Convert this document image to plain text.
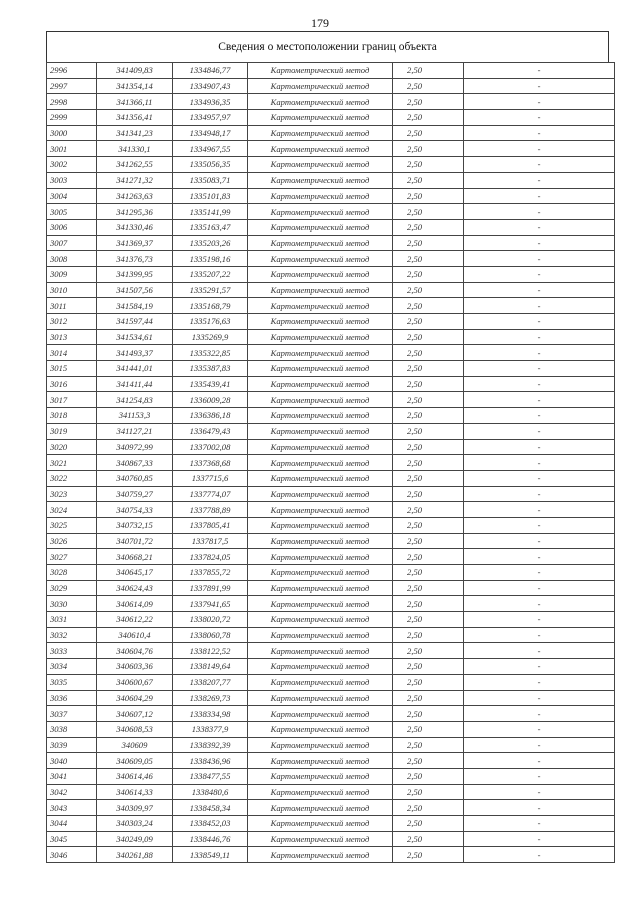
179
Сведения о местоположении границ объекта
2996	341409,83	1334846,77	Картометрический метод	2,50	-
2997	341354,14	1334907,43	Картометрический метод	2,50	-
2998	341366,11	1334936,35	Картометрический метод	2,50	-
2999	341356,41	1334957,97	Картометрический метод	2,50	-
3000	341341,23	1334948,17	Картометрический метод	2,50	-
3001	341330,1	1334967,55	Картометрический метод	2,50	-
3002	341262,55	1335056,35	Картометрический метод	2,50	-
3003	341271,32	1335083,71	Картометрический метод	2,50	-
3004	341263,63	1335101,83	Картометрический метод	2,50	-
3005	341295,36	1335141,99	Картометрический метод	2,50	-
3006	341330,46	1335163,47	Картометрический метод	2,50	-
3007	341369,37	1335203,26	Картометрический метод	2,50	-
3008	341376,73	1335198,16	Картометрический метод	2,50	-
3009	341399,95	1335207,22	Картометрический метод	2,50	-
3010	341507,56	1335291,57	Картометрический метод	2,50	-
3011	341584,19	1335168,79	Картометрический метод	2,50	-
3012	341597,44	1335176,63	Картометрический метод	2,50	-
3013	341534,61	1335269,9	Картометрический метод	2,50	-
3014	341493,37	1335322,85	Картометрический метод	2,50	-
3015	341441,01	1335387,83	Картометрический метод	2,50	-
3016	341411,44	1335439,41	Картометрический метод	2,50	-
3017	341254,83	1336009,28	Картометрический метод	2,50	-
3018	341153,3	1336386,18	Картометрический метод	2,50	-
3019	341127,21	1336479,43	Картометрический метод	2,50	-
3020	340972,99	1337002,08	Картометрический метод	2,50	-
3021	340867,33	1337368,68	Картометрический метод	2,50	-
3022	340760,85	1337715,6	Картометрический метод	2,50	-
3023	340759,27	1337774,07	Картометрический метод	2,50	-
3024	340754,33	1337788,89	Картометрический метод	2,50	-
3025	340732,15	1337805,41	Картометрический метод	2,50	-
3026	340701,72	1337817,5	Картометрический метод	2,50	-
3027	340668,21	1337824,05	Картометрический метод	2,50	-
3028	340645,17	1337855,72	Картометрический метод	2,50	-
3029	340624,43	1337891,99	Картометрический метод	2,50	-
3030	340614,09	1337941,65	Картометрический метод	2,50	-
3031	340612,22	1338020,72	Картометрический метод	2,50	-
3032	340610,4	1338060,78	Картометрический метод	2,50	-
3033	340604,76	1338122,52	Картометрический метод	2,50	-
3034	340603,36	1338149,64	Картометрический метод	2,50	-
3035	340600,67	1338207,77	Картометрический метод	2,50	-
3036	340604,29	1338269,73	Картометрический метод	2,50	-
3037	340607,12	1338334,98	Картометрический метод	2,50	-
3038	340608,53	1338377,9	Картометрический метод	2,50	-
3039	340609	1338392,39	Картометрический метод	2,50	-
3040	340609,05	1338436,96	Картометрический метод	2,50	-
3041	340614,46	1338477,55	Картометрический метод	2,50	-
3042	340614,33	1338480,6	Картометрический метод	2,50	-
3043	340309,97	1338458,34	Картометрический метод	2,50	-
3044	340303,24	1338452,03	Картометрический метод	2,50	-
3045	340249,09	1338446,76	Картометрический метод	2,50	-
3046	340261,88	1338549,11	Картометрический метод	2,50	-
